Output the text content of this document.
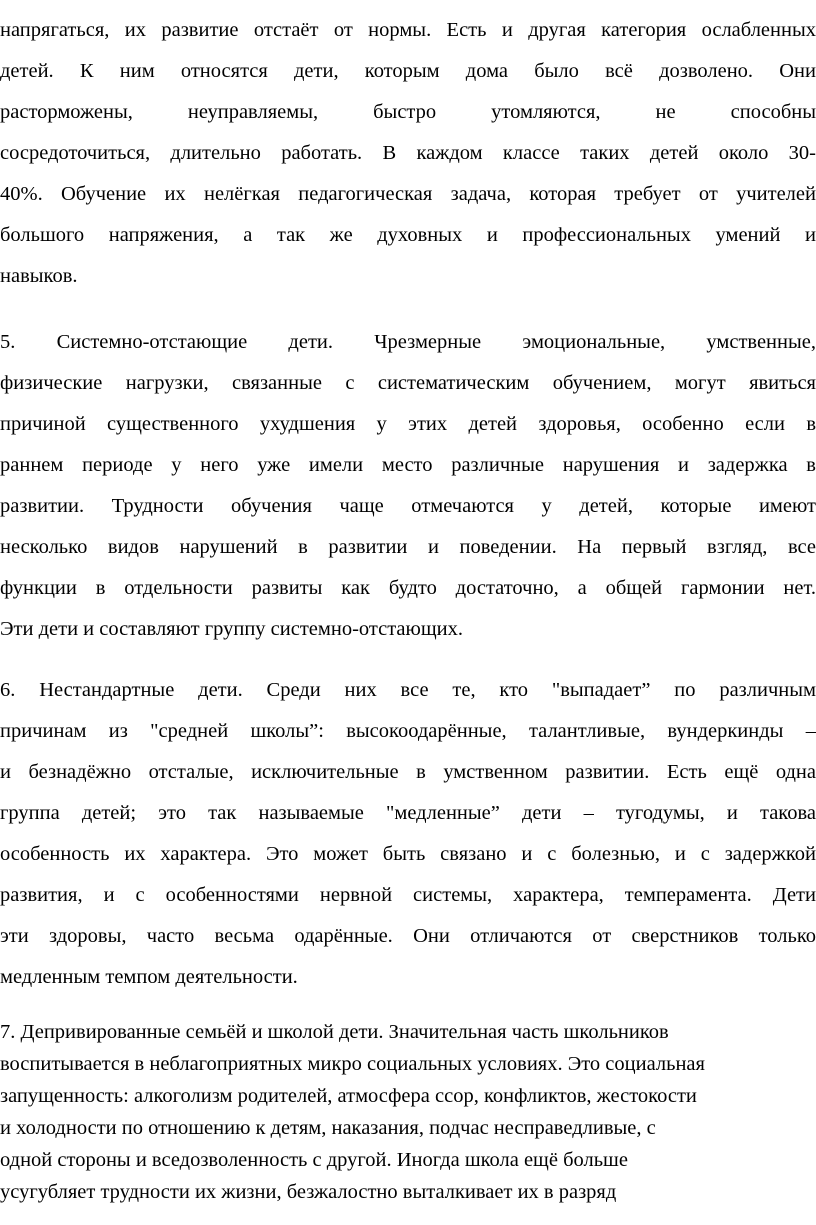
напрягаться, их развитие отстаёт от нормы. Есть и другая категория ослабленных
детей. К ним относятся дети, которым дома было всё дозволено. Они
расторможены, неуправляемы, быстро утомляются, не способны
сосредоточиться, длительно работать. В каждом классе таких детей около 30-
40%. Обучение их нелёгкая педагогическая задача, которая требует от учителей
большого напряжения, а так же духовных и профессиональных умений и
навыков.
5. Системно-отстающие дети. Чрезмерные эмоциональные, умственные,
физические нагрузки, связанные с систематическим обучением, могут явиться
причиной существенного ухудшения у этих детей здоровья, особенно если в
раннем периоде у него уже имели место различные нарушения и задержка в
развитии. Трудности обучения чаще отмечаются у детей, которые имеют
несколько видов нарушений в развитии и поведении. На первый взгляд, все
функции в отдельности развиты как будто достаточно, а общей гармонии нет.
Эти дети и составляют группу системно-отстающих.
6. Нестандартные дети. Среди них все те, кто "выпадает” по различным
причинам из "средней школы”: высокоодарённые, талантливые, вундеркинды –
и безнадёжно отсталые, исключительные в умственном развитии. Есть ещё одна
группа детей; это так называемые "медленные” дети – тугодумы, и такова
особенность их характера. Это может быть связано и с болезнью, и с задержкой
развития, и с особенностями нервной системы, характера, темперамента. Дети
эти здоровы, часто весьма одарённые. Они отличаются от сверстников только
медленным темпом деятельности.
7. Депривированные семьёй и школой дети. Значительная часть школьников
воспитывается в неблагоприятных микро социальных условиях. Это социальная
запущенность: алкоголизм родителей, атмосфера ссор, конфликтов, жестокости
и холодности по отношению к детям, наказания, подчас несправедливые, с
одной стороны и вседозволенность с другой. Иногда школа ещё больше
усугубляет трудности их жизни, безжалостно выталкивает их в разряд
